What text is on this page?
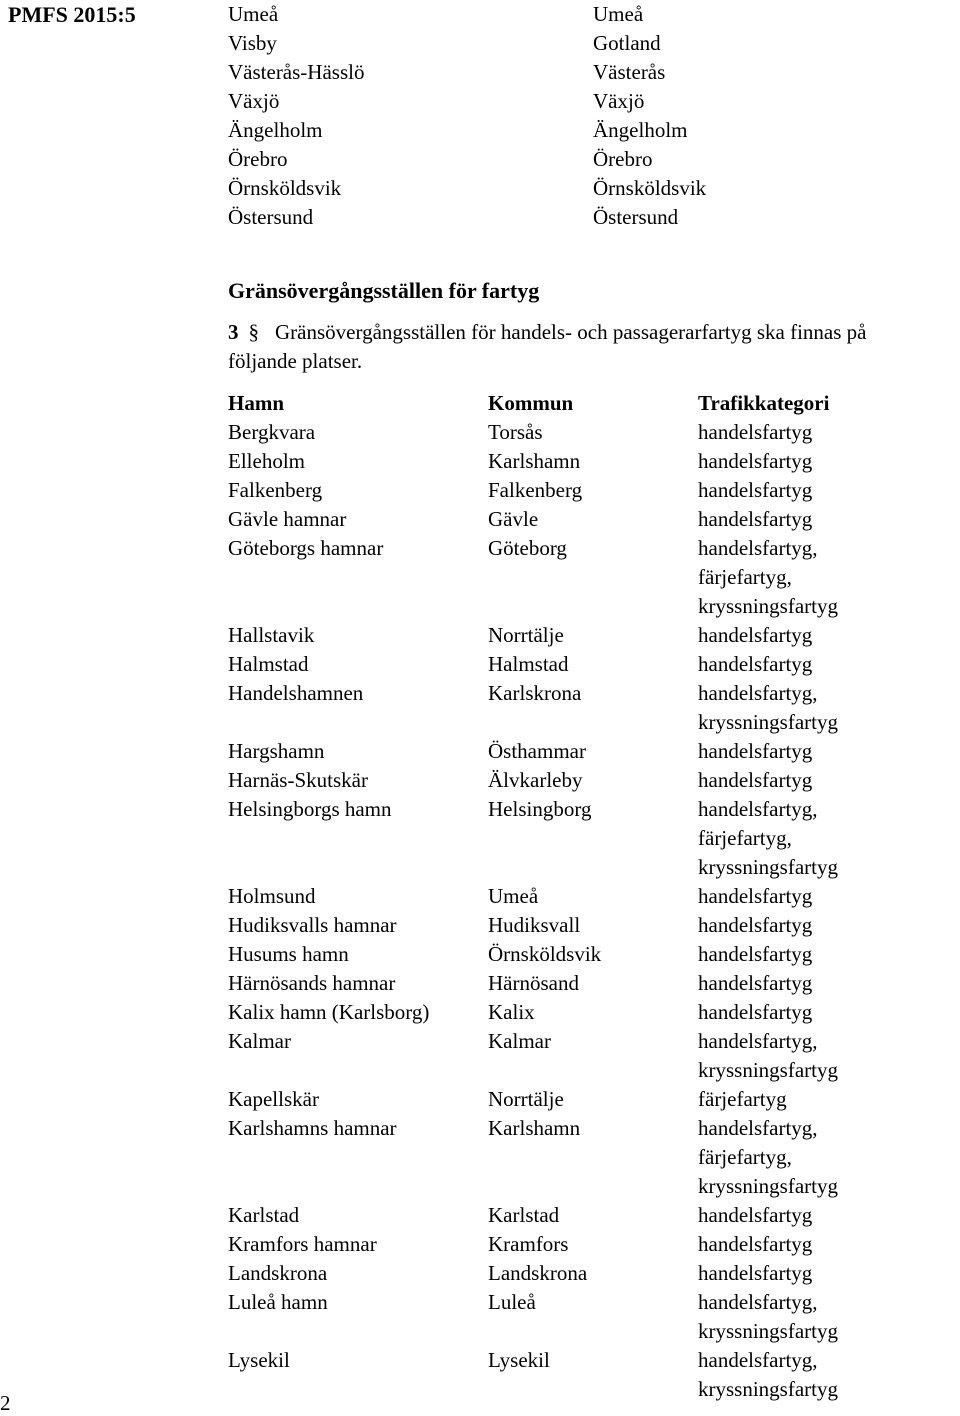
PMFS 2015:5	Umeå	Umeå
Visby	Gotland
Västerås-Hässlö	Västerås
Växjö	Växjö
Ängelholm	Ängelholm
Örebro	Örebro
Örnsköldsvik	Örnsköldsvik
Östersund	Östersund
Gränsövergångsställen för fartyg
3 § Gränsövergångsställen för handels- och passagerarfartyg ska finnas på
följande platser.
Hamn	Kommun	Trafikkategori
Bergkvara	Torsås	handelsfartyg
Elleholm	Karlshamn	handelsfartyg
Falkenberg	Falkenberg	handelsfartyg
Gävle hamnar	Gävle	handelsfartyg
Göteborgs hamnar	Göteborg	handelsfartyg,
färjefartyg,
kryssningsfartyg
Hallstavik	Norrtälje	handelsfartyg
Halmstad	Halmstad	handelsfartyg
Handelshamnen	Karlskrona	handelsfartyg,
kryssningsfartyg
Hargshamn	Östhammar	handelsfartyg
Harnäs-Skutskär	Älvkarleby	handelsfartyg
Helsingborgs hamn	Helsingborg	handelsfartyg,
färjefartyg,
kryssningsfartyg
Holmsund	Umeå	handelsfartyg
Hudiksvalls hamnar	Hudiksvall	handelsfartyg
Husums hamn	Örnsköldsvik	handelsfartyg
Härnösands hamnar	Härnösand	handelsfartyg
Kalix hamn (Karlsborg)	Kalix	handelsfartyg
Kalmar	Kalmar	handelsfartyg,
kryssningsfartyg
Kapellskär	Norrtälje	färjefartyg
Karlshamns hamnar	Karlshamn	handelsfartyg,
färjefartyg,
kryssningsfartyg
Karlstad	Karlstad	handelsfartyg
Kramfors hamnar	Kramfors	handelsfartyg
Landskrona	Landskrona	handelsfartyg
Luleå hamn	Luleå	handelsfartyg,
kryssningsfartyg
Lysekil	Lysekil	handelsfartyg,
kryssningsfartyg
2
